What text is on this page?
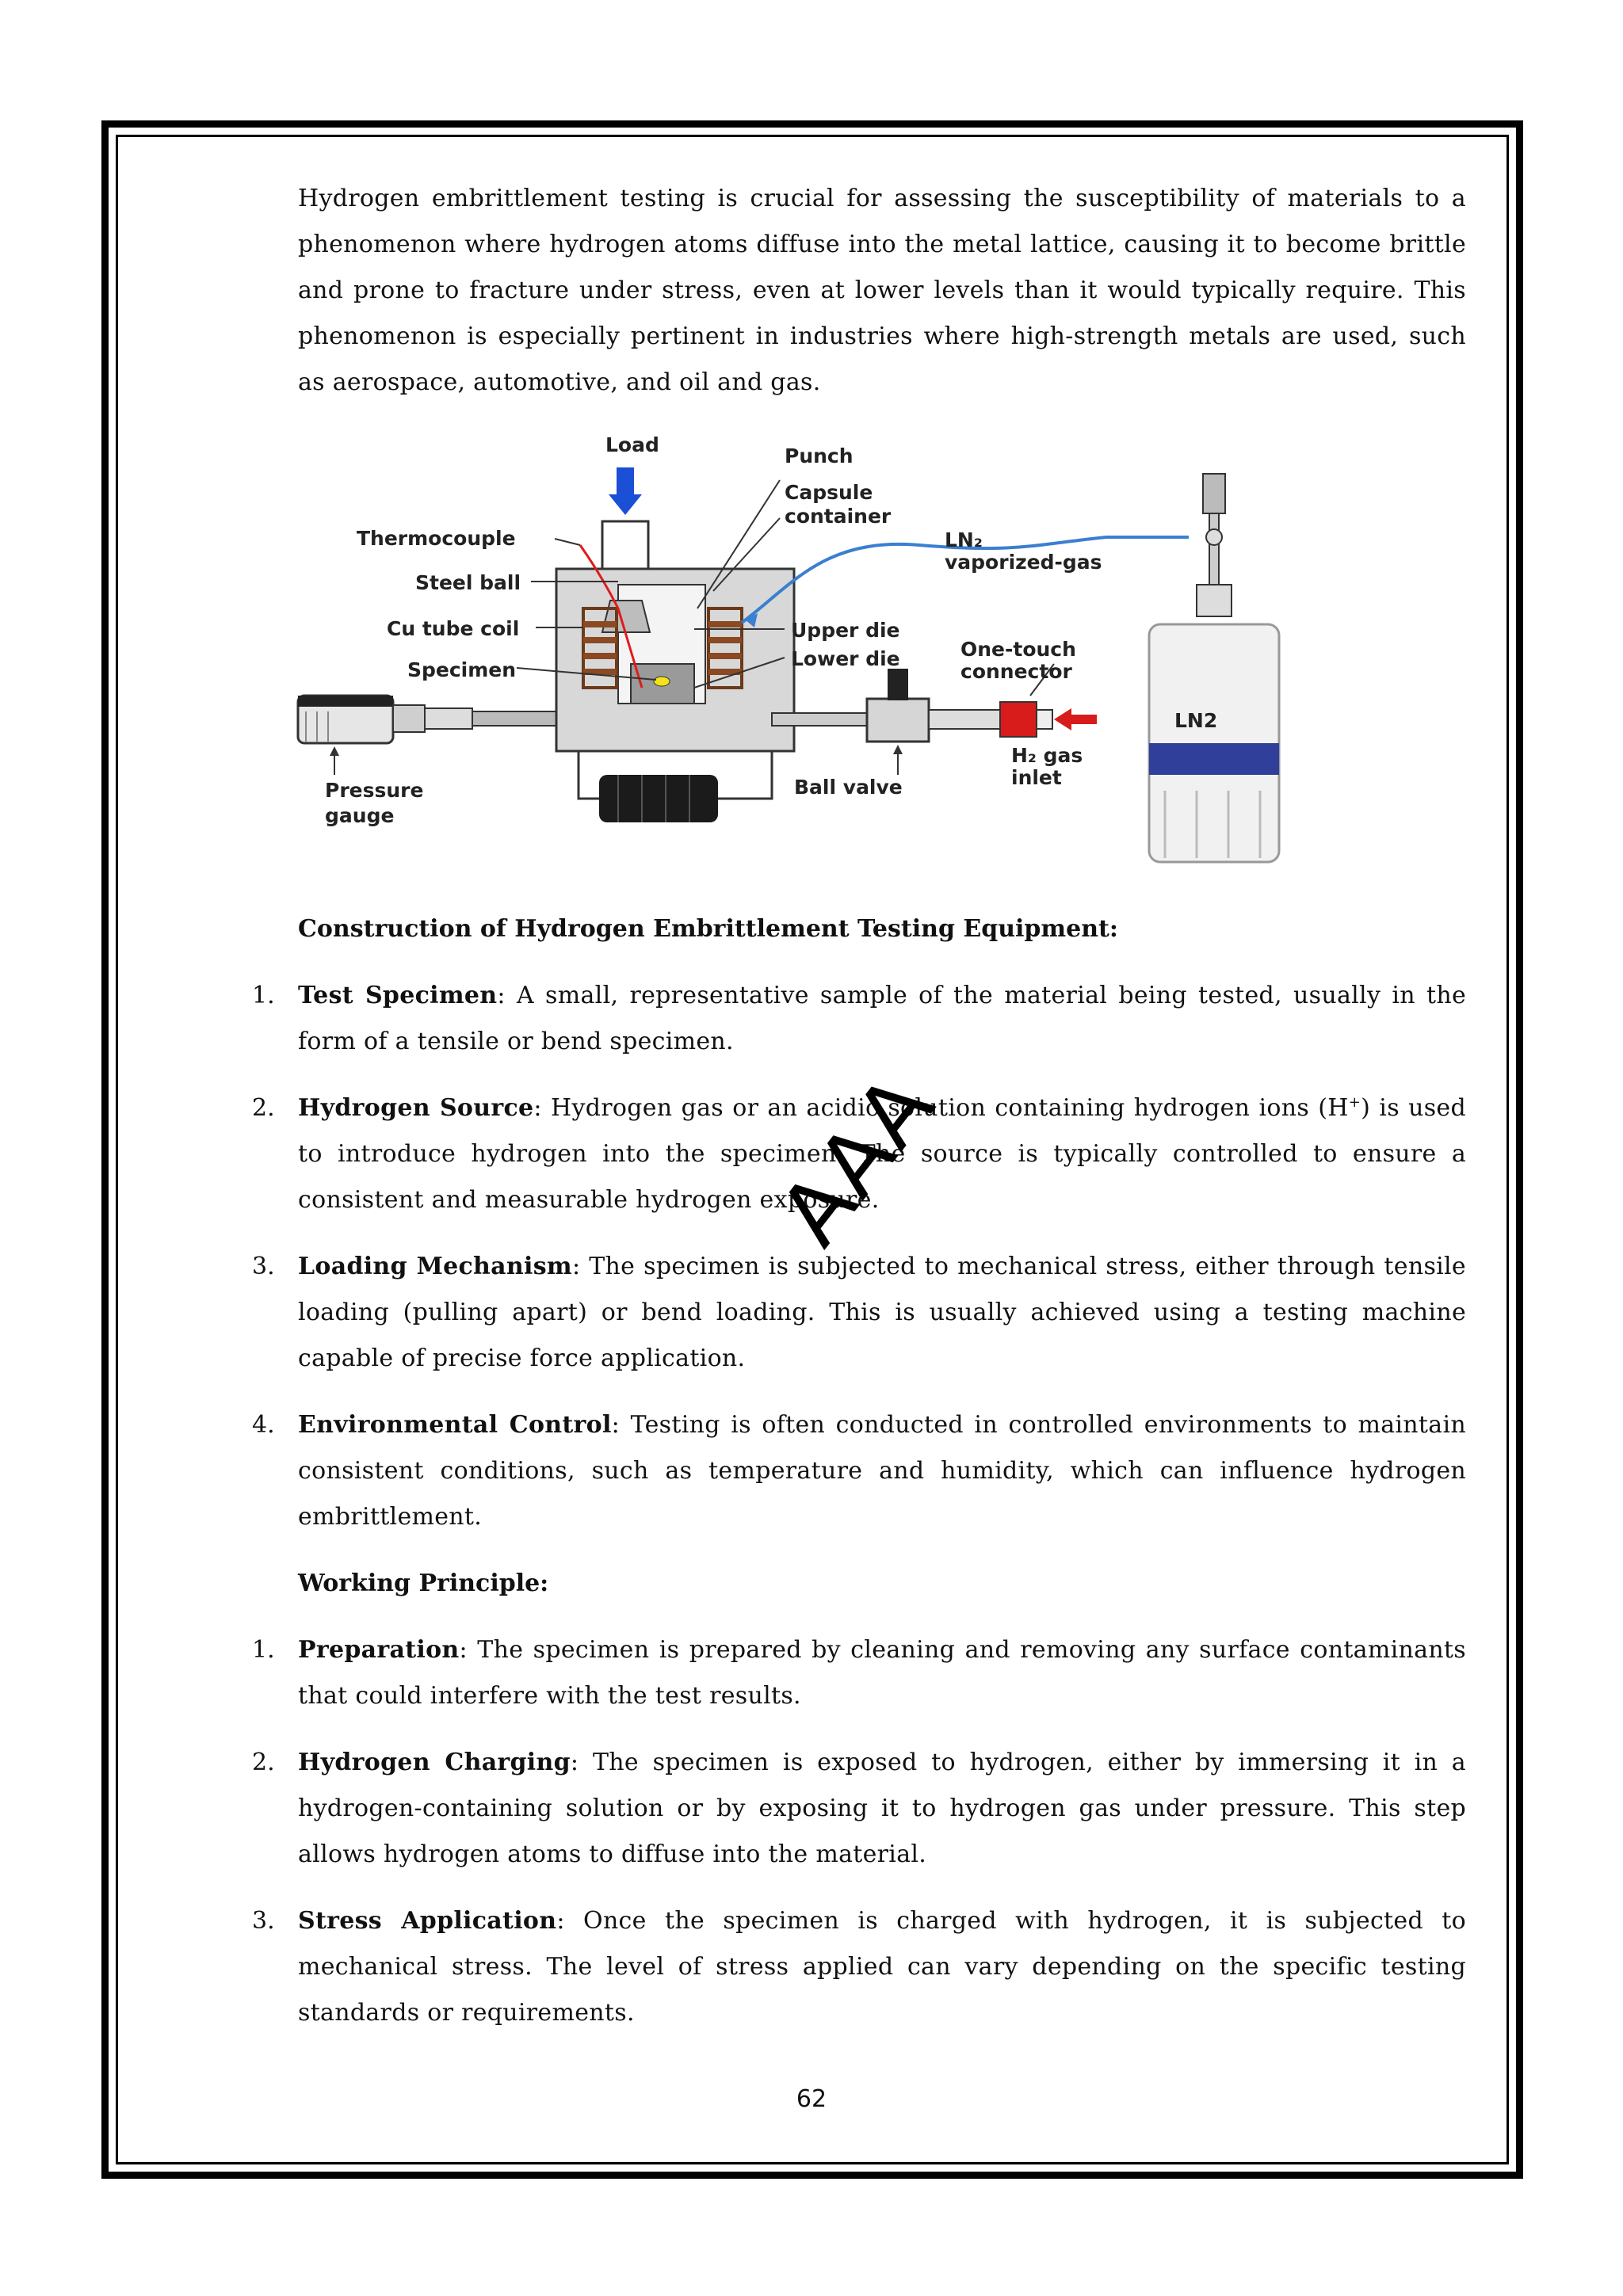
Hydrogen embrittlement testing is crucial for assessing the susceptibility of materials to a phenomenon where hydrogen atoms diffuse into the metal lattice, causing it to become brittle and prone to fracture under stress, even at lower levels than it would typically require. This phenomenon is especially pertinent in industries where high-strength metals are used, such as aerospace, automotive, and oil and gas.

Load	Punch
Capsule
container
Thermocouple
Steel ball
Cu tube coil
Specimen
Upper die
Lower die
LN₂
vaporized-gas
One-touch
connector
LN2
H₂ gas
inlet
Ball valve
Pressure
gauge

Construction of Hydrogen Embrittlement Testing Equipment:

1. Test Specimen: A small, representative sample of the material being tested, usually in the form of a tensile or bend specimen.

2. Hydrogen Source: Hydrogen gas or an acidic solution containing hydrogen ions (H+) is used to introduce hydrogen into the specimen. The source is typically controlled to ensure a consistent and measurable hydrogen exposure.

3. Loading Mechanism: The specimen is subjected to mechanical stress, either through tensile loading (pulling apart) or bend loading. This is usually achieved using a testing machine capable of precise force application.

4. Environmental Control: Testing is often conducted in controlled environments to maintain consistent conditions, such as temperature and humidity, which can influence hydrogen embrittlement.

Working Principle:

1. Preparation: The specimen is prepared by cleaning and removing any surface contaminants that could interfere with the test results.

2. Hydrogen Charging: The specimen is exposed to hydrogen, either by immersing it in a hydrogen-containing solution or by exposing it to hydrogen gas under pressure. This step allows hydrogen atoms to diffuse into the material.

3. Stress Application: Once the specimen is charged with hydrogen, it is subjected to mechanical stress. The level of stress applied can vary depending on the specific testing standards or requirements.

AAA
62
